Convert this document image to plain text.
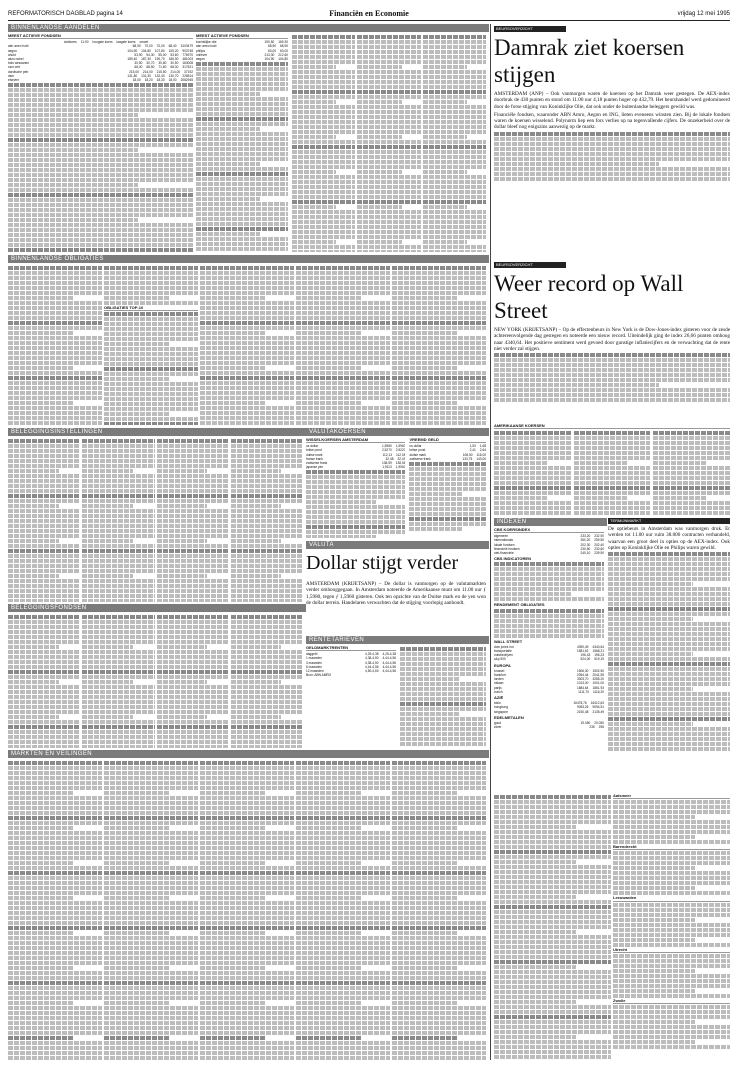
REFORMATORISCH DAGBLAD pagina 14	Financiën en Economie	vrijdag 12 mei 1995
BINNENLANDSE AANDELEN
MEEST ACTIEVE FONDSEN
slotkoers 11:00 hoogste koers laagste koers omzet
abn amro hold	68,90 70,00 70,00 68,40 3103479
aegon	104,90 104,80 107,80 105,20 903745
ahold	53,90 54,30 55,00 53,60 776970
akzo nobel	189,40 187,30 190,70 186,00 481003
bols wessanen	30,50 30,70 30,80 30,50 163008
csm cert	68,40 68,50 71,60 68,00 317521
dordtsche petr	215,00 214,00 215,50 214,00 37192
dsm	131,80 131,30 132,40 130,70 228514
elsevier	18,00 18,20 18,30 18,00 2082945
MEEST ACTIEVE FONDSEN
koninklijke olie	190,50 169.30
abn amro hold	68,90 68,90
philips	63,00 63,00
unilever	213,30 212,60
aegon	104,90 104,80
BINNENLANDSE OBLIGATIES
OBLIGATIES TOP-10
BELEGGINGSINSTELLINGEN
BELEGGINGSFONDSEN
MARKTEN EN VEILINGEN
VALUTAKOERSEN
WISSELKOERSEN AMSTERDAM
us dollar	1,5980 1,5960
britse pond	2,5270 2,5220
duitse mark	112,13 112,08
franse frank	32,48 32,49
zwitserse frank	138,59 138,56
japanse yen	1,9113 1,9060
VREEMD GELD
us dollar	1,53 1,68
britse pond	2,41 2,64
duitse mark	108,50 116,00
zwitserse frank	133,75 143,00
VALUTA
Dollar stijgt verder
AMSTERDAM (KRIJETSANP) – De dollar is vanmorgen op de valutamarkten verder omhooggegaan. In Amsterdam noteerde de Amerikaanse munt om 11.00 uur ƒ 1,5980, tegen ƒ 1,5960 gisteren. Ook ten opzichte van de Duitse mark en de yen won de dollar terrein. Handelaren verwachten dat de stijging voorlopig aanhoudt.
RENTETARIEVEN
GELDMARKTRENTEN
daggeld	4,25-4,38 4,25-4,38
1 maanden	4,38-4,50 4,44-4,56
3 maanden	4,38-4,50 4,44-4,56
6 maanden	4,44-4,56 4,44-4,56
12 maanden	4,50-4,63 4,44-4,56
Bron: ABN AMRO
BEURSOVERZICHT
Damrak ziet koersen stijgen
AMSTERDAM (ANP) – Ook vanmorgen waren de koersen op het Damrak weer gestegen. De AEX-index doorbrak de 430 punten en stond om 11.00 uur 4,18 punten hoger op 432,79. Het beurshandel werd gedomineerd door de forse stijging van Koninklijke Olie, dat ook onder de buitenlandse beleggers gewild was.
Financiële fondsen, waaronder ABN Amro, Aegon en ING, lieten eveneens winsten zien. Bij de lokale fondsen waren de koersen wisselend. Polynorm liep een fors verlies op na tegenvallende cijfers. De onzekerheid over de dollar bleef nog enigszins aanwezig op de markt.
BEURSOVERZICHT
Weer record op Wall Street
NEW YORK (KRIJETSANP) – Op de effectenbeurs in New York is de Dow-Jones-index gisteren voor de zesde achtereenvolgende dag gestegen en noteerde een nieuw record. Uiteindelijk ging de index 26,66 punten omhoog naar 4340,64. Het positieve sentiment werd gevoed door gunstige inflatiecijfers en de verwachting dat de rente niet verder zal stijgen.
AMERIKAANSE KOERSEN
INDEXEN
CBS KOERSINDEX
algemeen	233,20 232,90
internationals	260,20 259,50
lokale fondsen	202,30 202,40
financiele fondsen	230,60 230,60
niet-financiele	240,10 239,90
CBS INDICATOREN
RENDEMENT OBLIGATIES
WALL STREET
dow jones ind	4390,49 4340,64
transportatie	1581,62 1568,21
nutsbedrijven	196,43 196,23
s&p 500	524,00 519,19
EUROPA
brussel	1506,30 1502,50
frankfurt	2054,44 2041,55
londen	3303,70 3285,20
milaan	1013,00 1001,00
parijs	1884,64 1861,93
zurich	1111,70 1116,20
AZIË
tokio	16478,76 16412,63
hongkong	9053,26 9094,51
singapore	2150,48 2135,49
EDELMETALEN
goud	19.450 20.050
zilver	235 255
TERMIJNMARKT
De optiebeurs in Amsterdam was vanmorgen druk. Er werden tot 11.00 uur ruim 38.000 contracten verhandeld, waarvan een groot deel in opties op de AEX-index. Ook opties op Koninklijke Olie en Philips waren gewild.
Aalsmeer
Barendrecht
Leeuwarden
Utrecht
Zwolle
